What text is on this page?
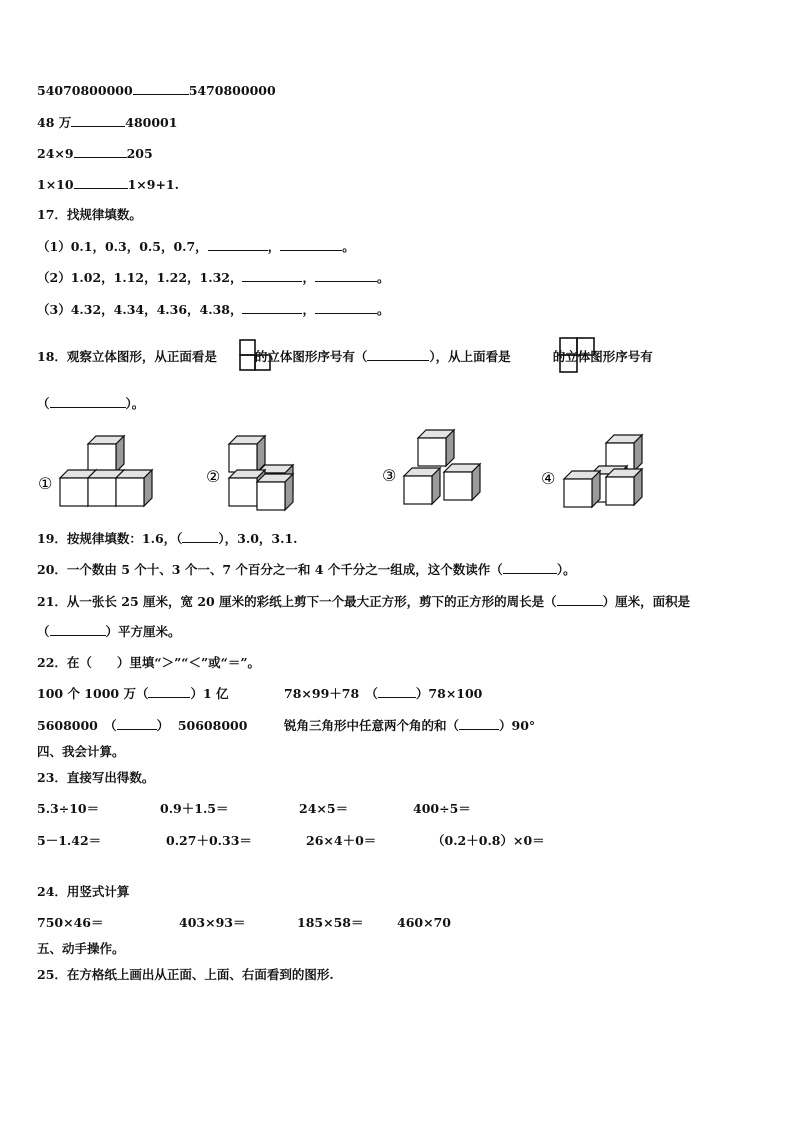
54070800000	5470800000
48 万	480001
24×9	205
1×10	1×9+1.
17．找规律填数。
（1）0.1，0.3，0.5，0.7，	，	。
（2）1.02，1.12，1.22，1.32，	，	。
（3）4.32，4.34，4.36，4.38，	，	。
18．观察立体图形，从正面看是	的立体图形序号有（	），从上面看是	的立体图形序号有
（	）。
①	②	③	④
19．按规律填数：1.6，（	），3.0，3.1.
20．一个数由 5 个十、3 个一、7 个百分之一和 4 个千分之一组成，这个数读作（	）。
21．从一张长 25 厘米，宽 20 厘米的彩纸上剪下一个最大正方形，剪下的正方形的周长是（	）厘米，面积是
（	）平方厘米。
22．在（　　）里填“＞”“＜”或“＝”。
100 个 1000 万（	）1 亿	78×99＋78　（	）78×100
5608000　（	）  50608000	锐角三角形中任意两个角的和（	）90°
四、我会计算。
23．直接写出得数。
5.3÷10＝	0.9＋1.5＝	24×5＝	400÷5＝
5－1.42＝	0.27＋0.33＝	26×4＋0＝	（0.2＋0.8）×0＝
24．用竖式计算
750×46＝	403×93＝	185×58＝	460×70
五、动手操作。
25．在方格纸上画出从正面、上面、右面看到的图形.
